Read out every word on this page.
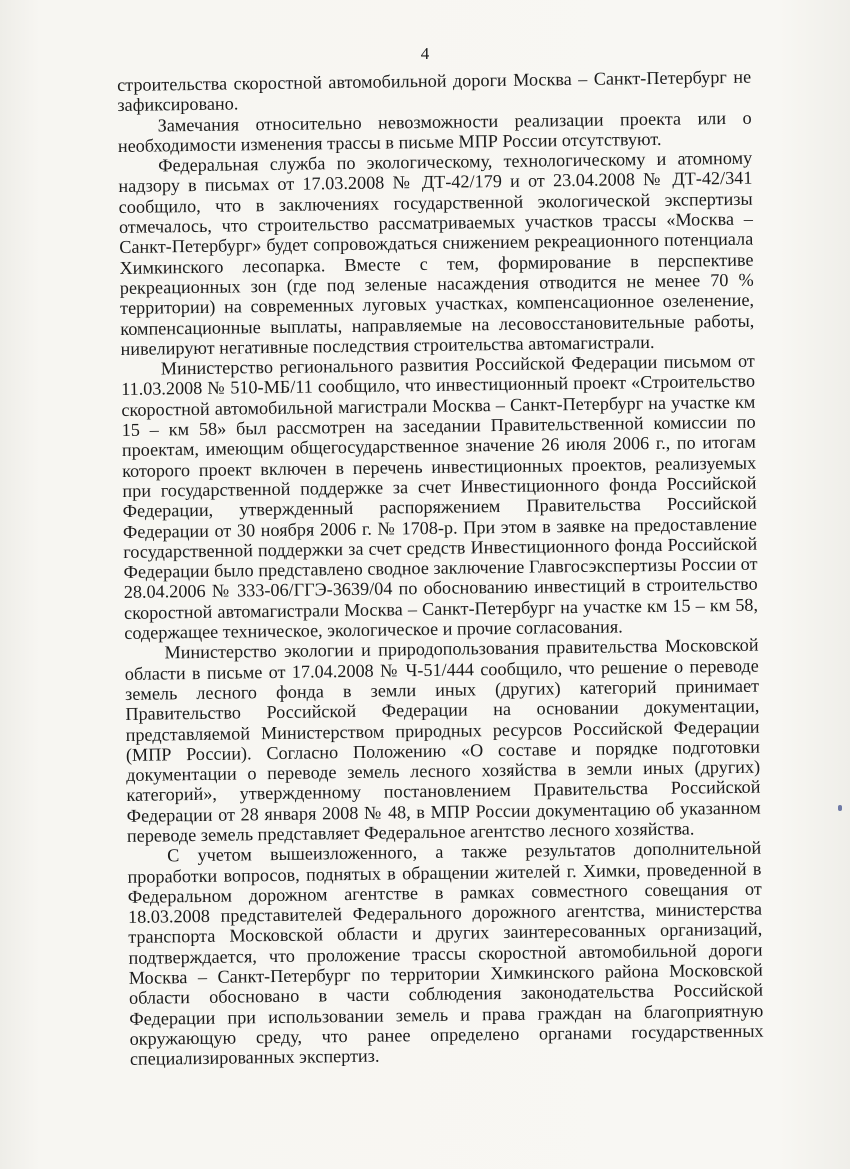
4

строительства скоростной автомобильной дороги Москва – Санкт-Петербург не зафиксировано.

Замечания относительно невозможности реализации проекта или о необходимости изменения трассы в письме МПР России отсутствуют.

Федеральная служба по экологическому, технологическому и атомному надзору в письмах от 17.03.2008 № ДТ-42/179 и от 23.04.2008 № ДТ-42/341 сообщило, что в заключениях государственной экологической экспертизы отмечалось, что строительство рассматриваемых участков трассы «Москва – Санкт-Петербург» будет сопровождаться снижением рекреационного потенциала Химкинского лесопарка. Вместе с тем, формирование в перспективе рекреационных зон (где под зеленые насаждения отводится не менее 70 % территории) на современных луговых участках, компенсационное озеленение, компенсационные выплаты, направляемые на лесовосстановительные работы, нивелируют негативные последствия строительства автомагистрали.

Министерство регионального развития Российской Федерации письмом от 11.03.2008 № 510-МБ/11 сообщило, что инвестиционный проект «Строительство скоростной автомобильной магистрали Москва – Санкт-Петербург на участке км 15 – км 58» был рассмотрен на заседании Правительственной комиссии по проектам, имеющим общегосударственное значение 26 июля 2006 г., по итогам которого проект включен в перечень инвестиционных проектов, реализуемых при государственной поддержке за счет Инвестиционного фонда Российской Федерации, утвержденный распоряжением Правительства Российской Федерации от 30 ноября 2006 г. № 1708-р. При этом в заявке на предоставление государственной поддержки за счет средств Инвестиционного фонда Российской Федерации было представлено сводное заключение Главгосэкспертизы России от 28.04.2006 № 333-06/ГГЭ-3639/04 по обоснованию инвестиций в строительство скоростной автомагистрали Москва – Санкт-Петербург на участке км 15 – км 58, содержащее техническое, экологическое и прочие согласования.

Министерство экологии и природопользования правительства Московской области в письме от 17.04.2008 № Ч-51/444 сообщило, что решение о переводе земель лесного фонда в земли иных (других) категорий принимает Правительство Российской Федерации на основании документации, представляемой Министерством природных ресурсов Российской Федерации (МПР России). Согласно Положению «О составе и порядке подготовки документации о переводе земель лесного хозяйства в земли иных (других) категорий», утвержденному постановлением Правительства Российской Федерации от 28 января 2008 № 48, в МПР России документацию об указанном переводе земель представляет Федеральное агентство лесного хозяйства.

С учетом вышеизложенного, а также результатов дополнительной проработки вопросов, поднятых в обращении жителей г. Химки, проведенной в Федеральном дорожном агентстве в рамках совместного совещания от 18.03.2008 представителей Федерального дорожного агентства, министерства транспорта Московской области и других заинтересованных организаций, подтверждается, что проложение трассы скоростной автомобильной дороги Москва – Санкт-Петербург по территории Химкинского района Московской области обосновано в части соблюдения законодательства Российской Федерации при использовании земель и права граждан на благоприятную окружающую среду, что ранее определено органами государственных специализированных экспертиз.
